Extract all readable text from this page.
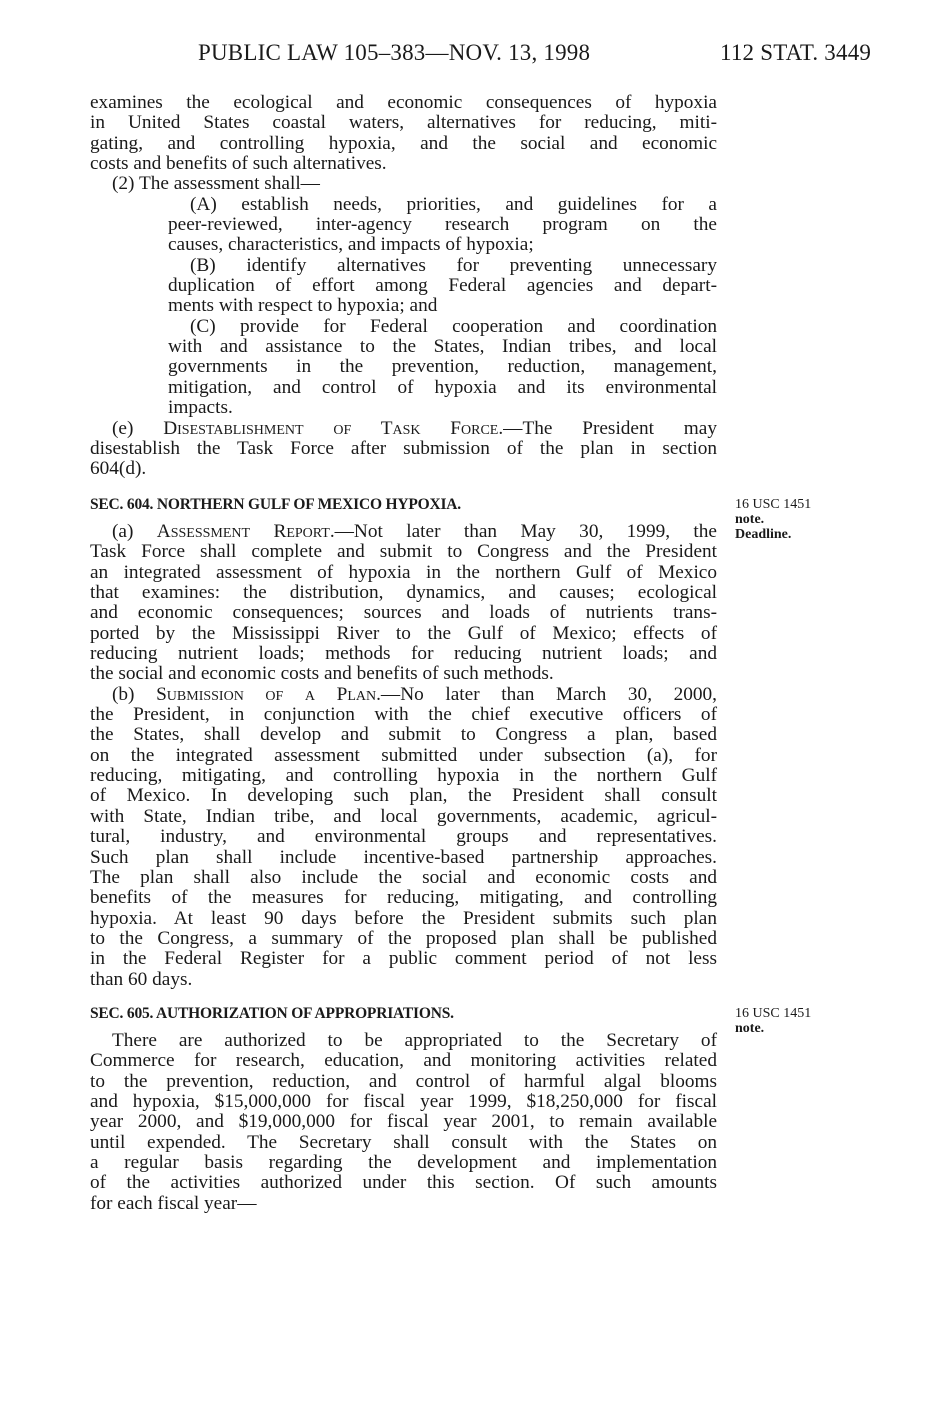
PUBLIC LAW 105–383—NOV. 13, 1998	112 STAT. 3449
examines the ecological and economic consequences of hypoxia
in United States coastal waters, alternatives for reducing, miti-
gating, and controlling hypoxia, and the social and economic
costs and benefits of such alternatives.
(2) The assessment shall—
(A) establish needs, priorities, and guidelines for a
peer-reviewed, inter-agency research program on the
causes, characteristics, and impacts of hypoxia;
(B) identify alternatives for preventing unnecessary
duplication of effort among Federal agencies and depart-
ments with respect to hypoxia; and
(C) provide for Federal cooperation and coordination
with and assistance to the States, Indian tribes, and local
governments in the prevention, reduction, management,
mitigation, and control of hypoxia and its environmental
impacts.
(e) Disestablishment of Task Force.—The President may
disestablish the Task Force after submission of the plan in section
604(d).
SEC. 604. NORTHERN GULF OF MEXICO HYPOXIA.
(a) Assessment Report.—Not later than May 30, 1999, the
Task Force shall complete and submit to Congress and the President
an integrated assessment of hypoxia in the northern Gulf of Mexico
that examines: the distribution, dynamics, and causes; ecological
and economic consequences; sources and loads of nutrients trans-
ported by the Mississippi River to the Gulf of Mexico; effects of
reducing nutrient loads; methods for reducing nutrient loads; and
the social and economic costs and benefits of such methods.
(b) Submission of a Plan.—No later than March 30, 2000,
the President, in conjunction with the chief executive officers of
the States, shall develop and submit to Congress a plan, based
on the integrated assessment submitted under subsection (a), for
reducing, mitigating, and controlling hypoxia in the northern Gulf
of Mexico. In developing such plan, the President shall consult
with State, Indian tribe, and local governments, academic, agricul-
tural, industry, and environmental groups and representatives.
Such plan shall include incentive-based partnership approaches.
The plan shall also include the social and economic costs and
benefits of the measures for reducing, mitigating, and controlling
hypoxia. At least 90 days before the President submits such plan
to the Congress, a summary of the proposed plan shall be published
in the Federal Register for a public comment period of not less
than 60 days.
SEC. 605. AUTHORIZATION OF APPROPRIATIONS.
There are authorized to be appropriated to the Secretary of
Commerce for research, education, and monitoring activities related
to the prevention, reduction, and control of harmful algal blooms
and hypoxia, $15,000,000 for fiscal year 1999, $18,250,000 for fiscal
year 2000, and $19,000,000 for fiscal year 2001, to remain available
until expended. The Secretary shall consult with the States on
a regular basis regarding the development and implementation
of the activities authorized under this section. Of such amounts
for each fiscal year—
16 USC 1451
note.
Deadline.
16 USC 1451
note.
